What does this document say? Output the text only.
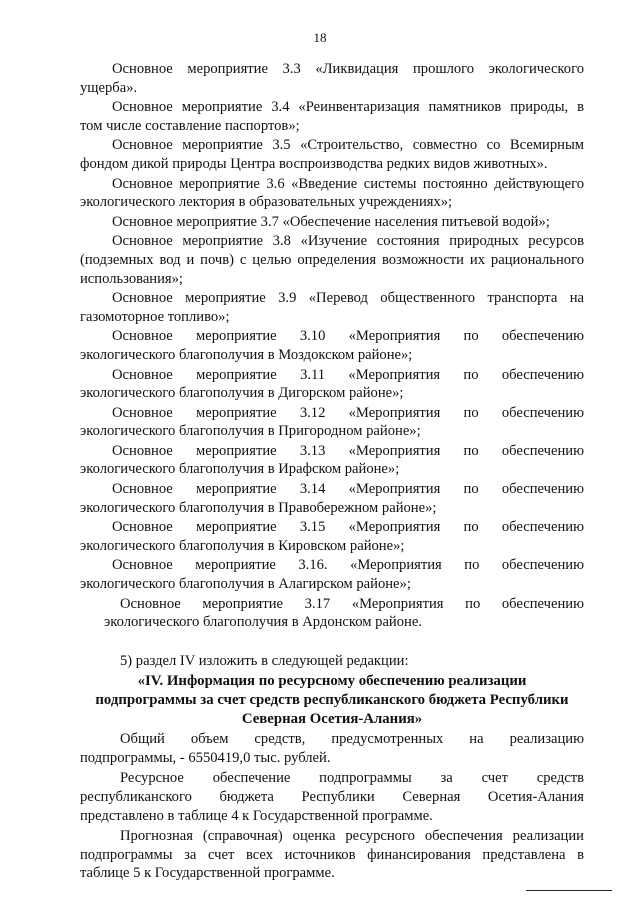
18
Основное мероприятие 3.3 «Ликвидация прошлого экологического
ущерба».
Основное мероприятие 3.4 «Реинвентаризация памятников природы, в
том числе составление паспортов»;
Основное мероприятие 3.5 «Строительство, совместно со Всемирным
фондом дикой природы Центра воспроизводства редких видов животных».
Основное мероприятие 3.6 «Введение системы постоянно действующего
экологического лектория в образовательных учреждениях»;
Основное мероприятие 3.7 «Обеспечение населения питьевой водой»;
Основное мероприятие 3.8 «Изучение состояния природных ресурсов
(подземных вод и почв) с целью определения возможности их рационального
использования»;
Основное мероприятие 3.9 «Перевод общественного транспорта на
газомоторное топливо»;
Основное мероприятие 3.10 «Мероприятия по обеспечению
экологического благополучия в Моздокском районе»;
Основное мероприятие 3.11 «Мероприятия по обеспечению
экологического благополучия в Дигорском районе»;
Основное мероприятие 3.12 «Мероприятия по обеспечению
экологического благополучия в Пригородном районе»;
Основное мероприятие 3.13 «Мероприятия по обеспечению
экологического благополучия в Ирафском районе»;
Основное мероприятие 3.14 «Мероприятия по обеспечению
экологического благополучия в Правобережном районе»;
Основное мероприятие 3.15 «Мероприятия по обеспечению
экологического благополучия в Кировском районе»;
Основное мероприятие 3.16. «Мероприятия по обеспечению
экологического благополучия в Алагирском районе»;
Основное мероприятие 3.17 «Мероприятия по обеспечению
экологического благополучия в Ардонском районе.
5) раздел IV изложить в следующей редакции:
«IV. Информация по ресурсному обеспечению реализации
подпрограммы за счет средств республиканского бюджета Республики
Северная Осетия-Алания»
Общий объем средств, предусмотренных на реализацию
подпрограммы, - 6550419,0 тыс. рублей.
Ресурсное обеспечение подпрограммы за счет средств
республиканского бюджета Республики Северная Осетия-Алания
представлено в таблице 4 к Государственной программе.
Прогнозная (справочная) оценка ресурсного обеспечения реализации
подпрограммы за счет всех источников финансирования представлена в
таблице 5 к Государственной программе.
